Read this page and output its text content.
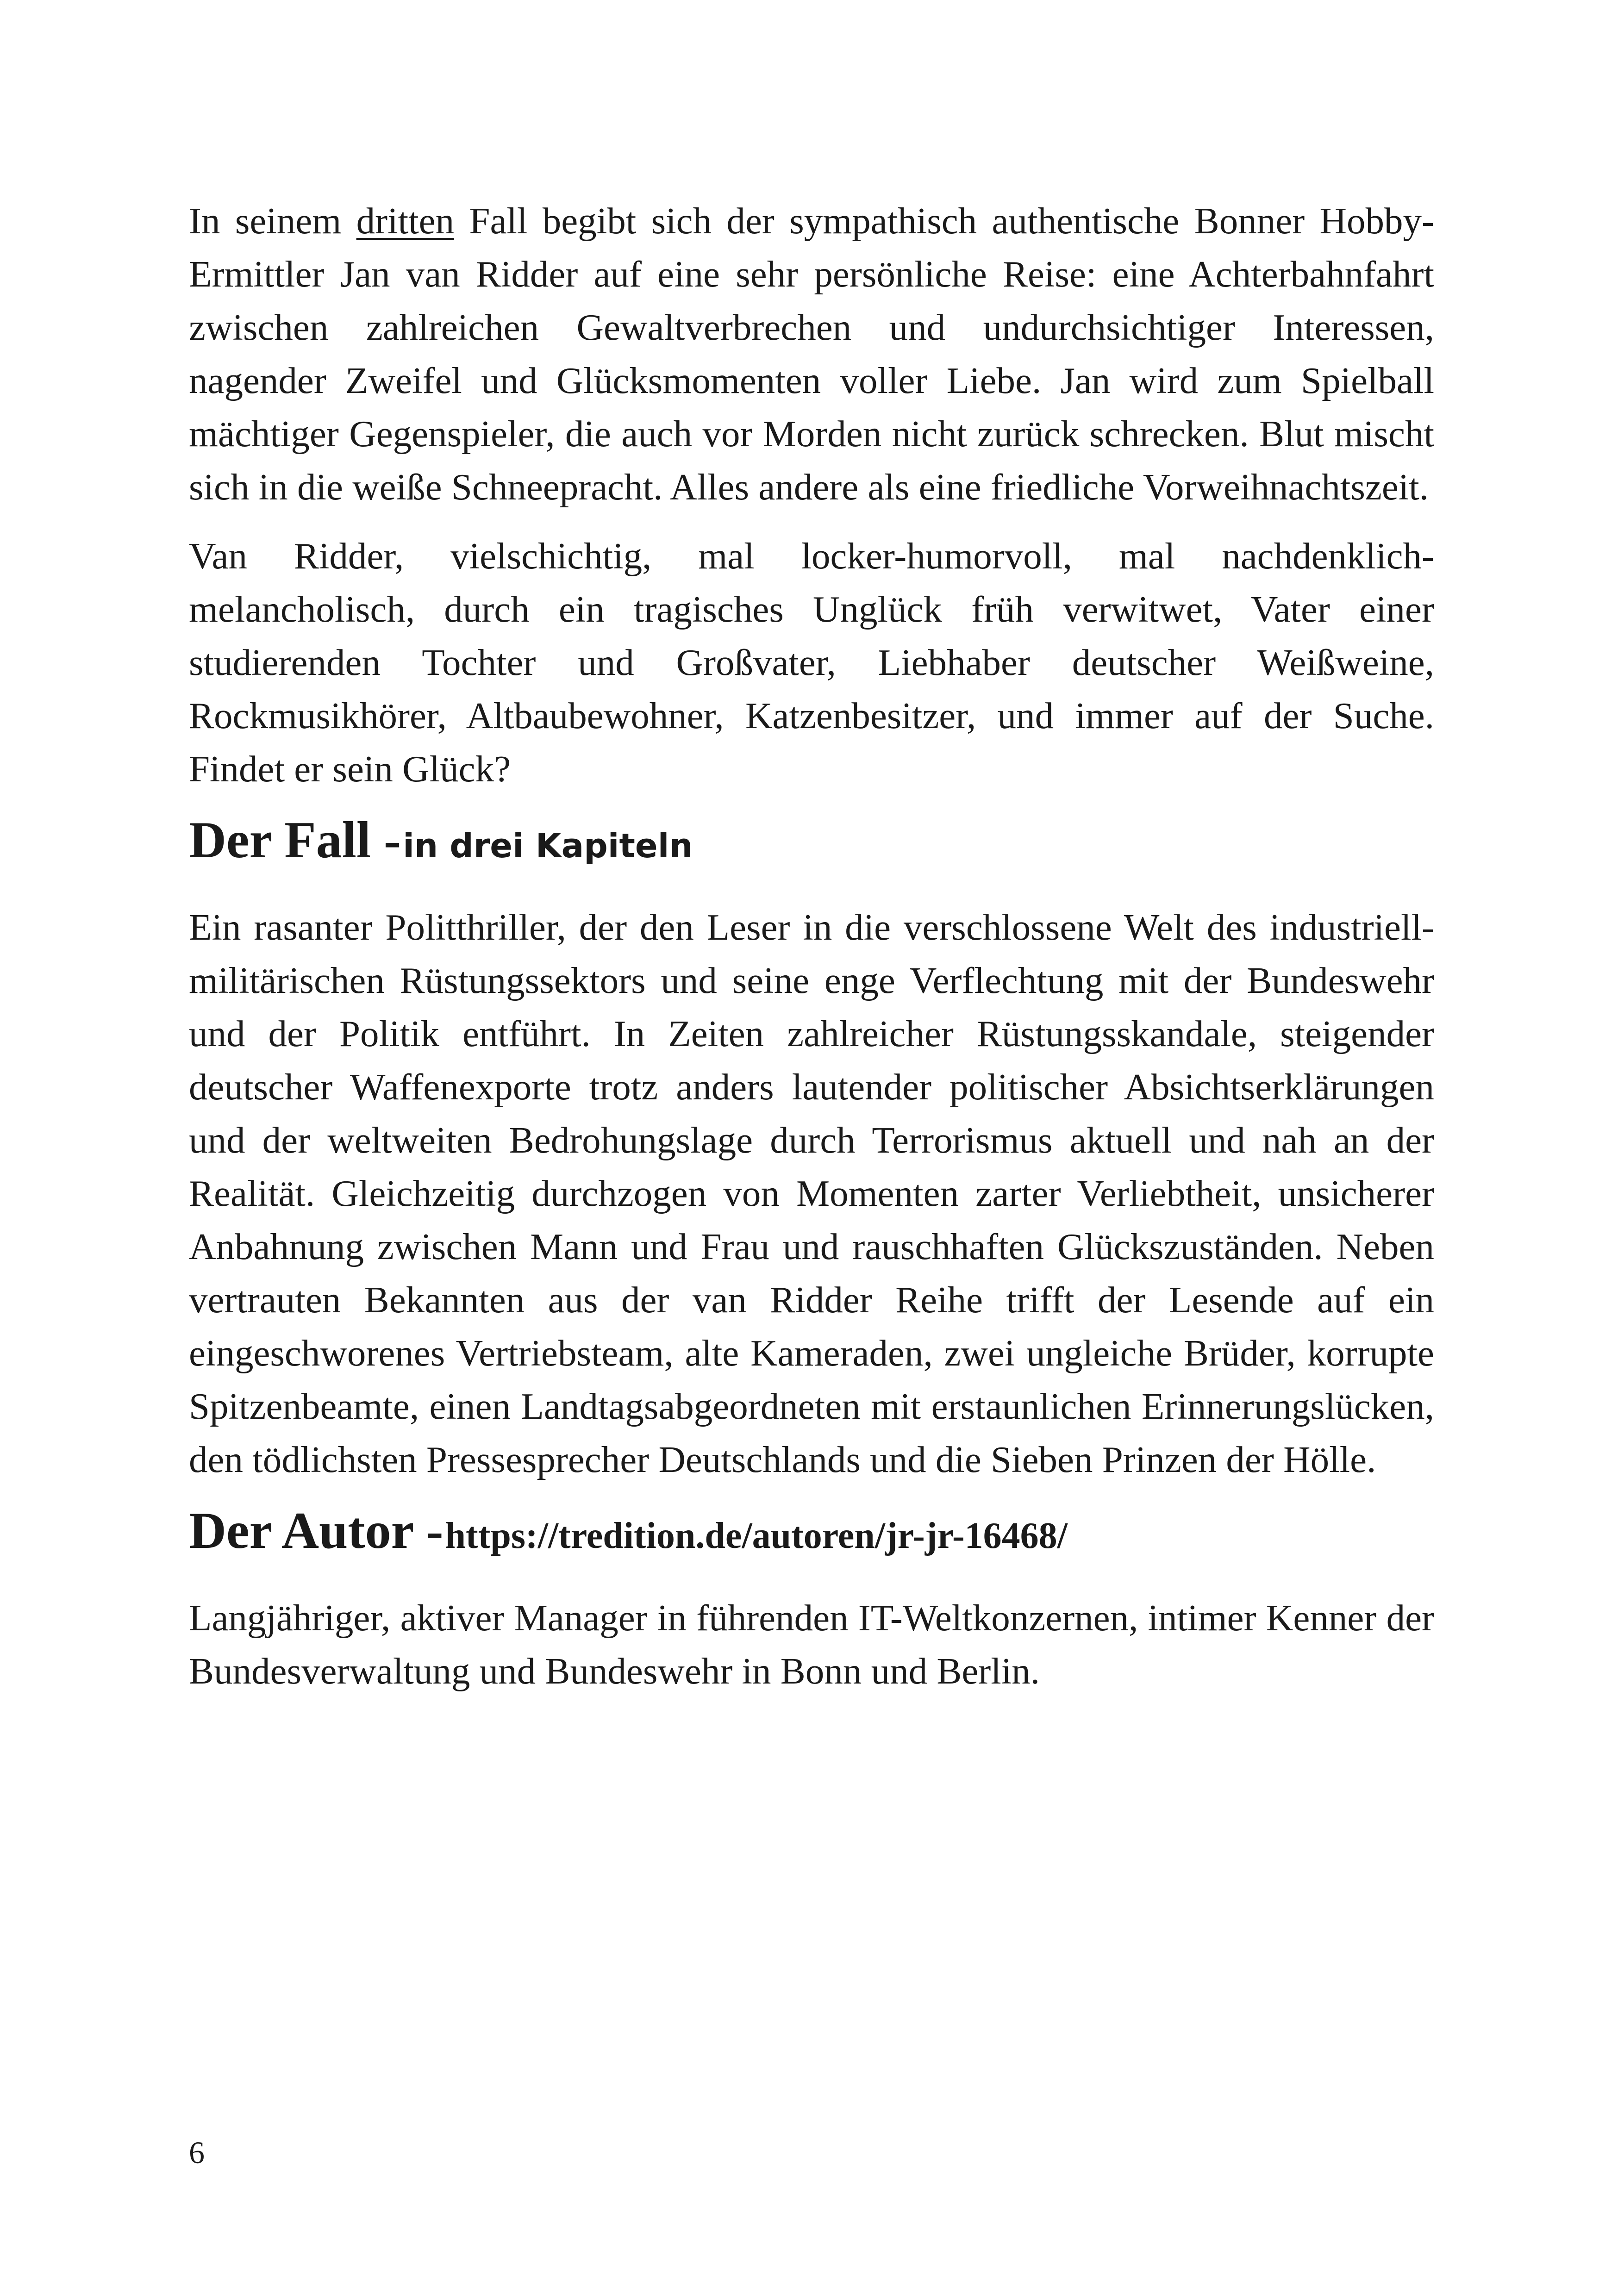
In seinem dritten Fall begibt sich der sympathisch authentische Bonner Hobby-Ermittler Jan van Ridder auf eine sehr persönliche Reise: eine Achterbahnfahrt zwischen zahlreichen Gewaltverbrechen und undurchsichtiger Interessen, nagender Zweifel und Glücksmomenten voller Liebe. Jan wird zum Spielball mächtiger Gegenspieler, die auch vor Morden nicht zurück schrecken. Blut mischt sich in die weiße Schneepracht. Alles andere als eine friedliche Vorweihnachtszeit.

Van Ridder, vielschichtig, mal locker-humorvoll, mal nachdenklich-melancholisch, durch ein tragisches Unglück früh verwitwet, Vater einer studierenden Tochter und Großvater, Liebhaber deutscher Weißweine, Rockmusikhörer, Altbaubewohner, Katzenbesitzer, und immer auf der Suche. Findet er sein Glück?

Der Fall - in drei Kapiteln

Ein rasanter Politthriller, der den Leser in die verschlossene Welt des industriell-militärischen Rüstungssektors und seine enge Verflechtung mit der Bundeswehr und der Politik entführt. In Zeiten zahlreicher Rüstungsskandale, steigender deutscher Waffenexporte trotz anders lautender politischer Absichtserklärungen und der weltweiten Bedrohungslage durch Terrorismus aktuell und nah an der Realität. Gleichzeitig durchzogen von Momenten zarter Verliebtheit, unsicherer Anbahnung zwischen Mann und Frau und rauschhaften Glückszuständen. Neben vertrauten Bekannten aus der van Ridder Reihe trifft der Lesende auf ein eingeschworenes Vertriebsteam, alte Kameraden, zwei ungleiche Brüder, korrupte Spitzenbeamte, einen Landtagsabgeordneten mit erstaunlichen Erinnerungslücken, den tödlichsten Pressesprecher Deutschlands und die Sieben Prinzen der Hölle.

Der Autor - https://tredition.de/autoren/jr-jr-16468/

Langjähriger, aktiver Manager in führenden IT-Weltkonzernen, intimer Kenner der Bundesverwaltung und Bundeswehr in Bonn und Berlin.

6
